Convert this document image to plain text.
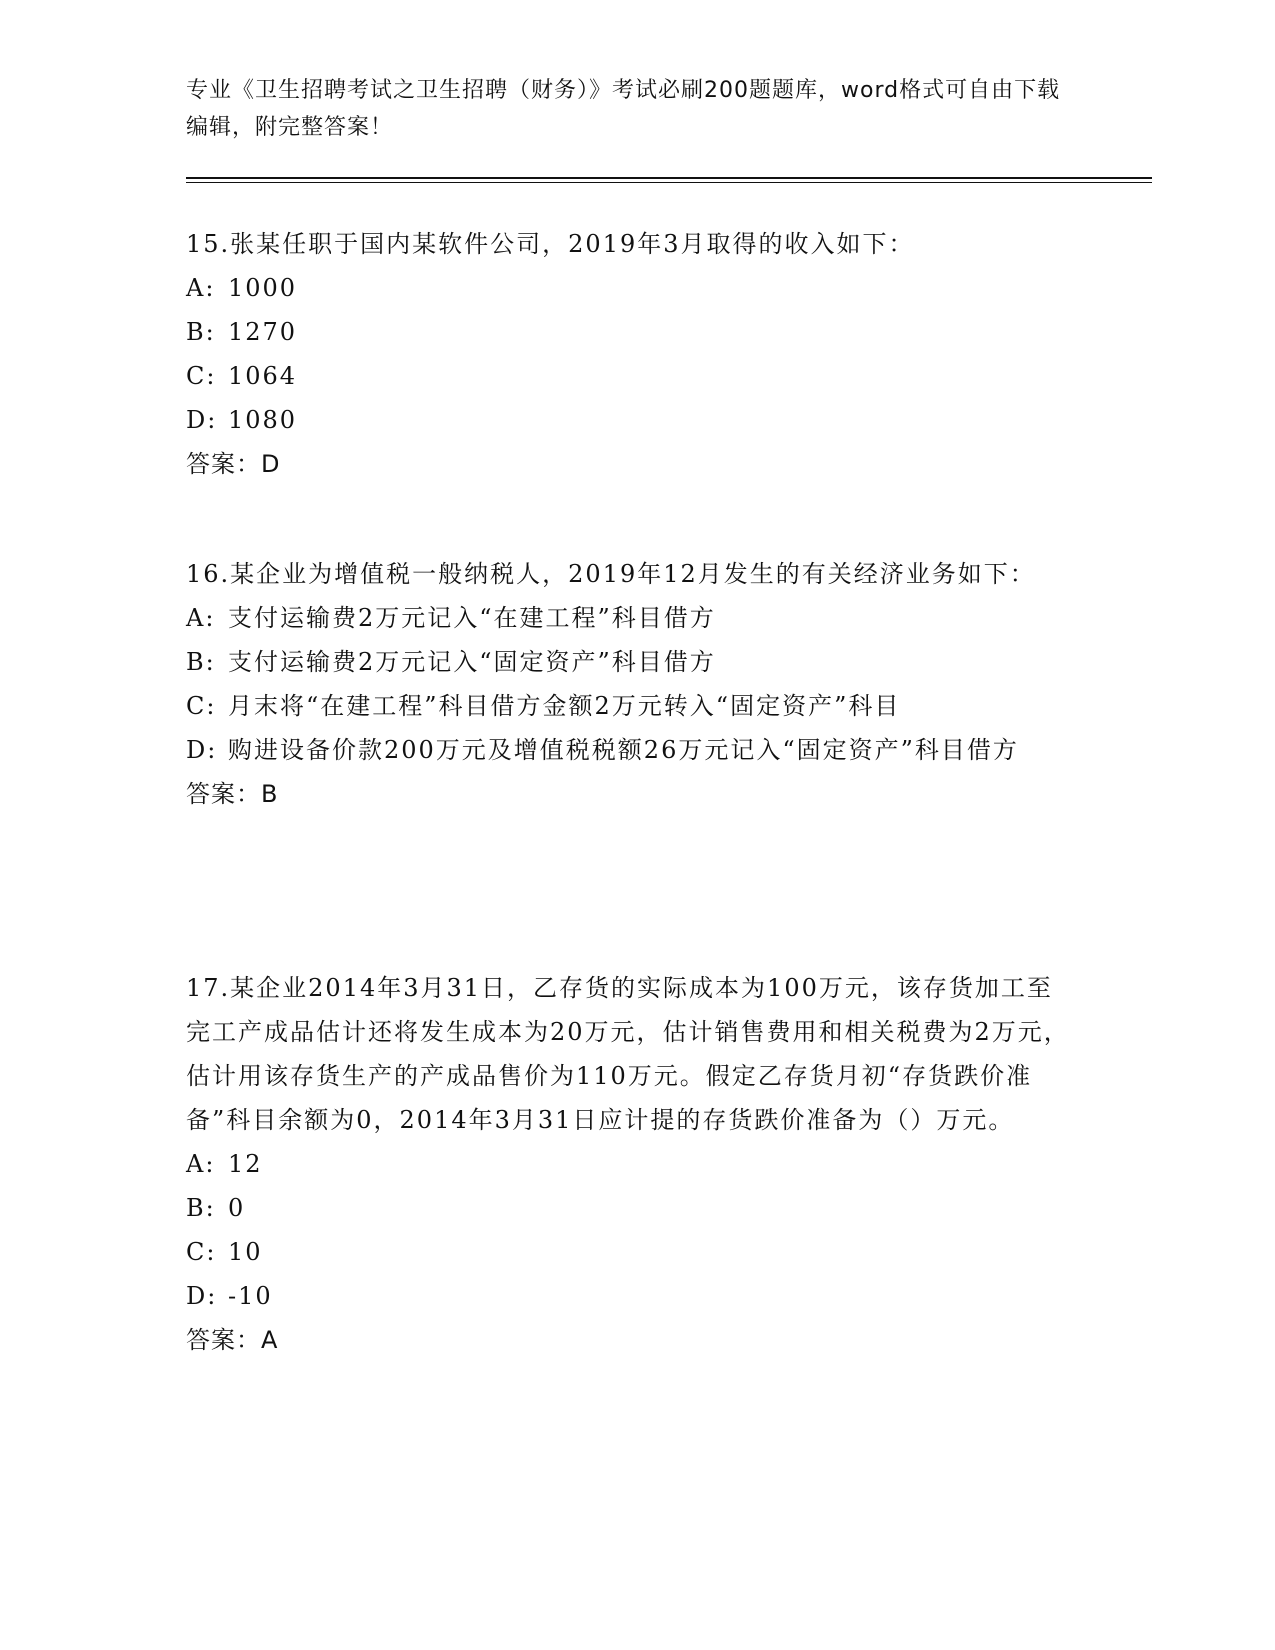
专业《卫生招聘考试之卫生招聘（财务）》考试必刷200题题库，word格式可自由下载编辑，附完整答案！

15.张某任职于国内某软件公司，2019年3月取得的收入如下：

A: 1000

B: 1270

C: 1064

D: 1080

答案：D

16.某企业为增值税一般纳税人，2019年12月发生的有关经济业务如下：

A: 支付运输费2万元记入“在建工程”科目借方

B: 支付运输费2万元记入“固定资产”科目借方

C: 月末将“在建工程”科目借方金额2万元转入“固定资产”科目

D: 购进设备价款200万元及增值税税额26万元记入“固定资产”科目借方

答案：B

17.某企业2014年3月31日，乙存货的实际成本为100万元，该存货加工至完工产成品估计还将发生成本为20万元，估计销售费用和相关税费为2万元，估计用该存货生产的产成品售价为110万元。假定乙存货月初“存货跌价准备”科目余额为0，2014年3月31日应计提的存货跌价准备为（）万元。

A: 12

B: 0

C: 10

D: -10

答案：A
